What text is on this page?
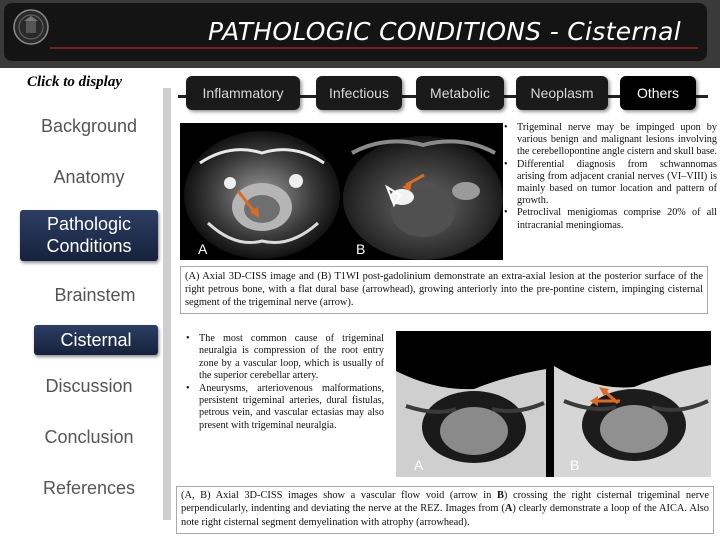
PATHOLOGIC CONDITIONS - Cisternal
Click to display
Background
Anatomy
Pathologic Conditions
Brainstem
Cisternal
Discussion
Conclusion
References
Inflammatory	Infectious	Metabolic	Neoplasm	Others
A	B
• Trigeminal nerve may be impinged upon by various benign and malignant lesions involving the cerebellopontine angle cistern and skull base.
• Differential diagnosis from schwannomas arising from adjacent cranial nerves (VI–VIII) is mainly based on tumor location and pattern of growth.
• Petroclival menigiomas comprise 20% of all intracranial meningiomas.
(A) Axial 3D-CISS image and (B) T1WI post-gadolinium demonstrate an extra-axial lesion at the posterior surface of the right petrous bone, with a flat dural base (arrowhead), growing anteriorly into the pre-pontine cistern, impinging cisternal segment of the trigeminal nerve (arrow).
• The most common cause of trigeminal neuralgia is compression of the root entry zone by a vascular loop, which is usually of the superior cerebellar artery.
• Aneurysms, arteriovenous malformations, persistent trigeminal arteries, dural fistulas, petrous vein, and vascular ectasias may also present with trigeminal neuralgia.
A	B
(A, B) Axial 3D-CISS images show a vascular flow void (arrow in B) crossing the right cisternal trigeminal nerve perpendicularly, indenting and deviating the nerve at the REZ. Images from (A) clearly demonstrate a loop of the AICA. Also note right cisternal segment demyelination with atrophy (arrowhead).
